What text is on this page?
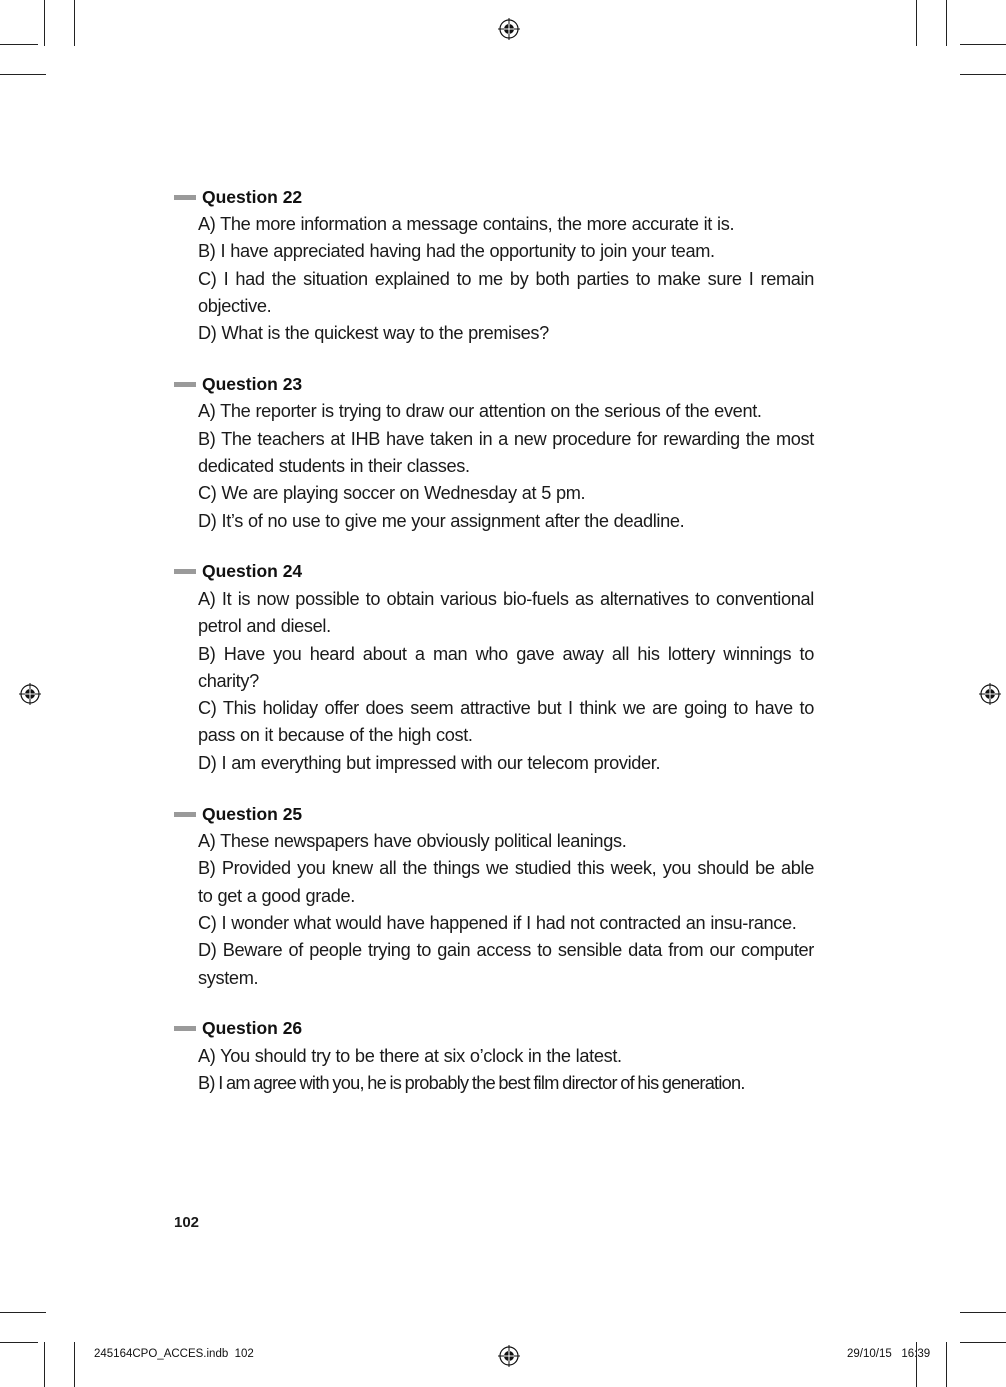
Question 22
A) The more information a message contains, the more accurate it is.
B) I have appreciated having had the opportunity to join your team.
C) I had the situation explained to me by both parties to make sure I remain objective.
D) What is the quickest way to the premises?
Question 23
A) The reporter is trying to draw our attention on the serious of the event.
B) The teachers at IHB have taken in a new procedure for rewarding the most dedicated students in their classes.
C) We are playing soccer on Wednesday at 5 pm.
D) It’s of no use to give me your assignment after the deadline.
Question 24
A) It is now possible to obtain various bio-fuels as alternatives to conventional petrol and diesel.
B) Have you heard about a man who gave away all his lottery winnings to charity?
C) This holiday offer does seem attractive but I think we are going to have to pass on it because of the high cost.
D) I am everything but impressed with our telecom provider.
Question 25
A) These newspapers have obviously political leanings.
B) Provided you knew all the things we studied this week, you should be able to get a good grade.
C) I wonder what would have happened if I had not contracted an insu-rance.
D) Beware of people trying to gain access to sensible data from our computer system.
Question 26
A) You should try to be there at six o’clock in the latest.
B) I am agree with you, he is probably the best film director of his generation.
102
245164CPO_ACCES.indb 102	29/10/15 16:39
